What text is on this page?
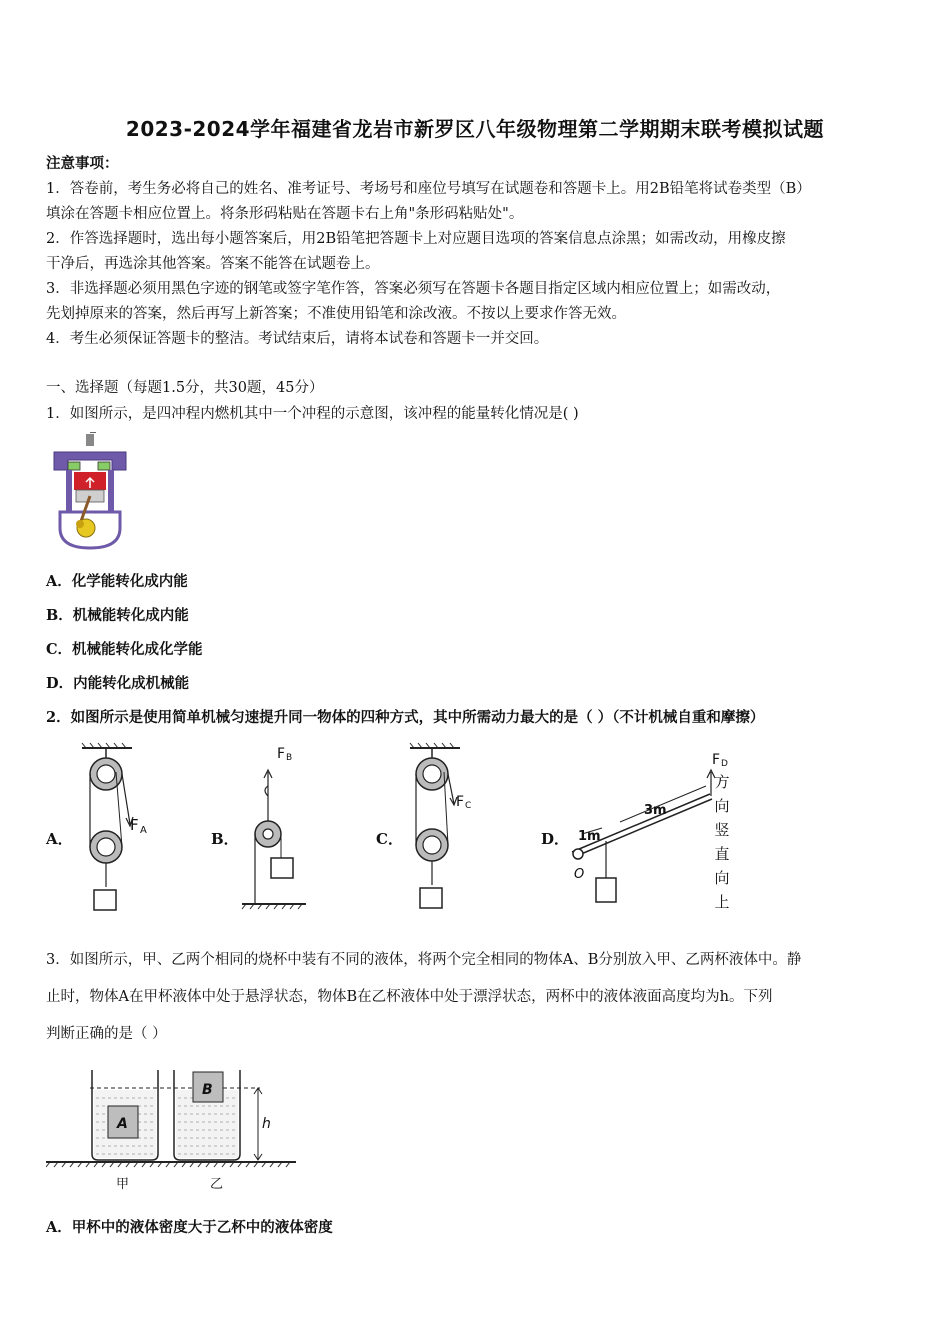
2023-2024学年福建省龙岩市新罗区八年级物理第二学期期末联考模拟试题
注意事项：
1．答卷前，考生务必将自己的姓名、准考证号、考场号和座位号填写在试题卷和答题卡上。用2B铅笔将试卷类型（B）
填涂在答题卡相应位置上。将条形码粘贴在答题卡右上角"条形码粘贴处"。
2．作答选择题时，选出每小题答案后，用2B铅笔把答题卡上对应题目选项的答案信息点涂黑；如需改动，用橡皮擦
干净后，再选涂其他答案。答案不能答在试题卷上。
3．非选择题必须用黑色字迹的钢笔或签字笔作答，答案必须写在答题卡各题目指定区域内相应位置上；如需改动，
先划掉原来的答案，然后再写上新答案；不准使用铅笔和涂改液。不按以上要求作答无效。
4．考生必须保证答题卡的整洁。考试结束后，请将本试卷和答题卡一并交回。
一、选择题（每题1.5分，共30题，45分）
1．如图所示，是四冲程内燃机其中一个冲程的示意图，该冲程的能量转化情况是( )
A．化学能转化成内能
B．机械能转化成内能
C．机械能转化成化学能
D．内能转化成机械能
2．如图所示是使用简单机械匀速提升同一物体的四种方式，其中所需动力最大的是（ ）（不计机械自重和摩擦）
A．
F A	B．
F B
C．
F C
D．
F D
1m
3m
O
方
向
竖
直
向
上
3．如图所示，甲、乙两个相同的烧杯中装有不同的液体，将两个完全相同的物体A、B分别放入甲、乙两杯液体中。静
止时，物体A在甲杯液体中处于悬浮状态，物体B在乙杯液体中处于漂浮状态，两杯中的液体液面高度均为h。下列
判断正确的是（ ）
A
B
h
甲	乙
A．甲杯中的液体密度大于乙杯中的液体密度
